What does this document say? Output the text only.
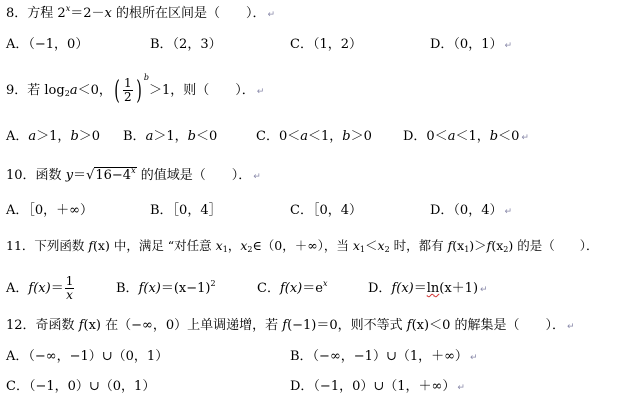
8．方程 $2^x=2-x$ 的根所在区间是（　　）． ↵
A．（−1，0）	B．（2，3）	C．（1，2）	D．（0，1） ↵
9．若 $\log_2a<0$，( $\frac{1}{2}$ ) $^b$＞1，则（　　）． ↵
A．a＞1，b＞0 B．a＞1，b＜0	C．0＜a＜1，b＞0 D．0＜a＜1，b＜0 ↵
10．函数 $y=√16-4^x$ 的值域是（　　）． ↵
A．［0，＋∞）	B．［0，4］	C．［0，4）	D．（0，4） ↵
11．下列函数 f(x) 中，满足 “对任意 $x_1$，$x_2\in(0$，＋∞），当 $x_1<x_2$ 时，都有 $f(x_1)>f(x_2)$ 的是（　　）．
A．$f(x)= \frac{1}{x}$	B．$f(x)=(x-1)^2$	C．$f(x)=e^x$	D．f(x)＝ln(x＋1) ↵
12．奇函数 f(x) 在（−∞，0）上单调递增，若 f(−1)＝0，则不等式 f(x)＜0 的解集是（　　）． ↵
A．（−∞，−1）∪（0，1）	B．（−∞，−1）∪（1，＋∞） ↵
C．（−1，0）∪（0，1）	D．（−1，0）∪（1，＋∞） ↵
